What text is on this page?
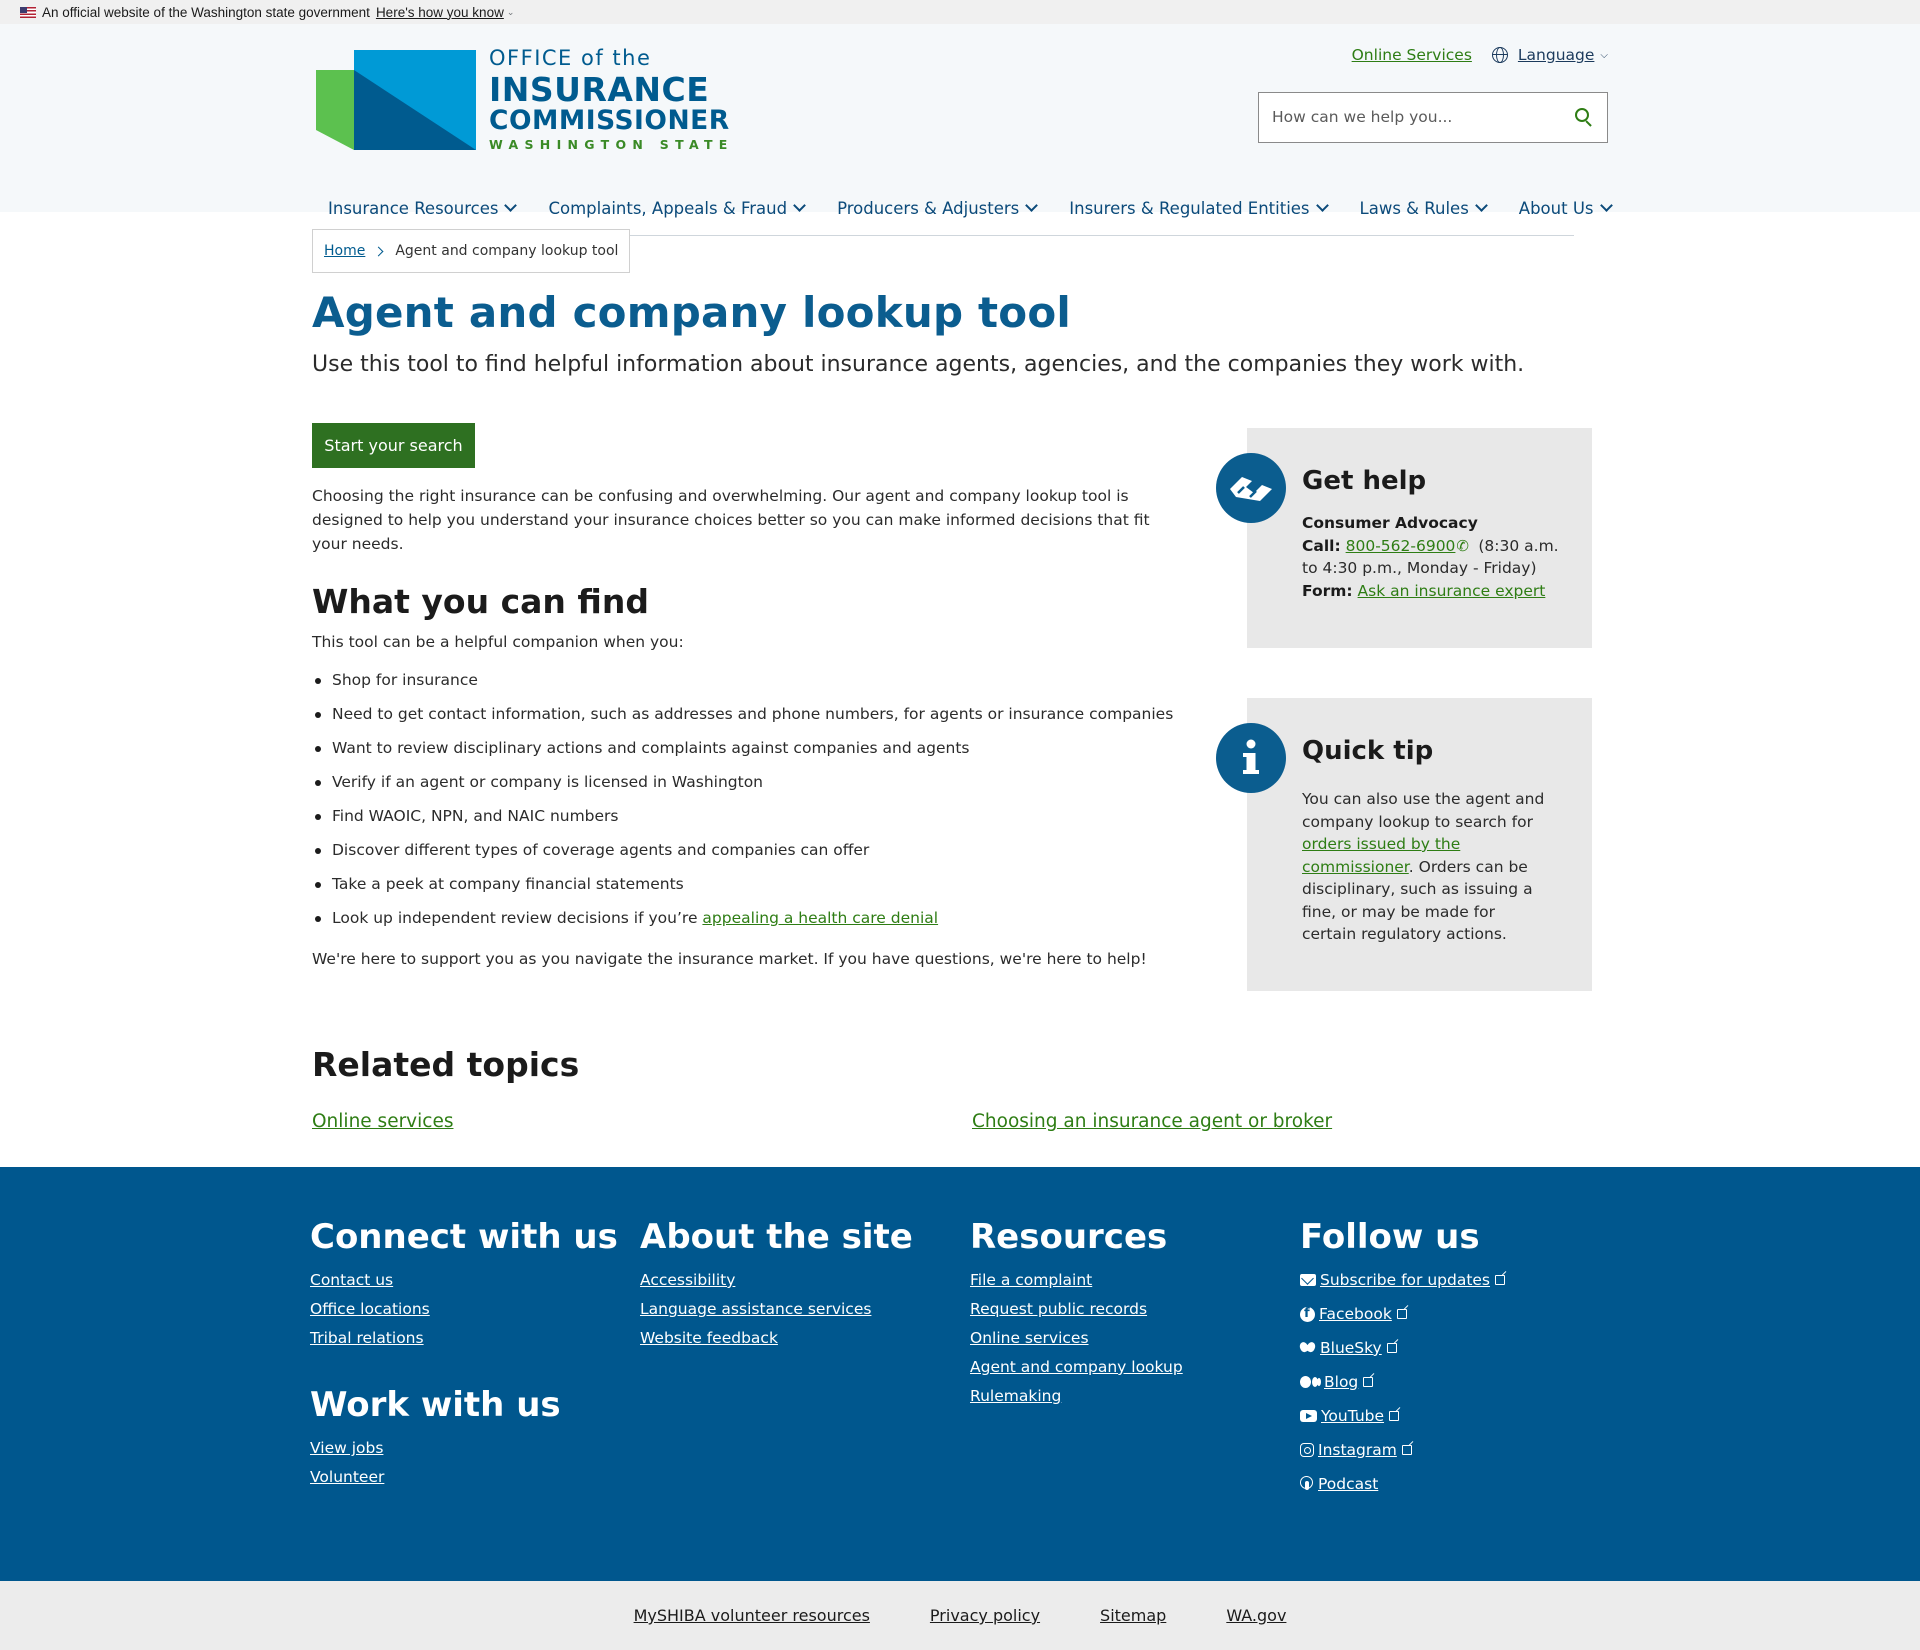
An official website of the Washington state government Here's how you know ⌄
OFFICE of the
INSURANCE
COMMISSIONER
WASHINGTON STATE
Online Services	Language ⌵
How can we help you...
Insurance Resources	Complaints, Appeals & Fraud	Producers & Adjusters	Insurers & Regulated Entities	Laws & Rules	About Us
Home Agent and company lookup tool
Agent and company lookup tool

Use this tool to find helpful information about insurance agents, agencies, and the companies they work with.

Start your search

Choosing the right insurance can be confusing and overwhelming. Our agent and company lookup tool is designed to help you understand your insurance choices better so you can make informed decisions that fit your needs.

What you can find

This tool can be a helpful companion when you:

Shop for insurance
Need to get contact information, such as addresses and phone numbers, for agents or insurance companies
Want to review disciplinary actions and complaints against companies and agents
Verify if an agent or company is licensed in Washington
Find WAOIC, NPN, and NAIC numbers
Discover different types of coverage agents and companies can offer
Take a peek at company financial statements
Look up independent review decisions if you’re appealing a health care denial

We're here to support you as you navigate the insurance market. If you have questions, we're here to help!

Get help
Consumer Advocacy
Call: 800-562-6900✆ (8:30 a.m. to 4:30 p.m., Monday - Friday)
Form: Ask an insurance expert
Quick tip
You can also use the agent and company lookup to search for orders issued by the commissioner. Orders can be disciplinary, such as issuing a fine, or may be made for certain regulatory actions.
Related topics
Online services	Choosing an insurance agent or broker
Connect with us
Contact us
Office locations
Tribal relations
Work with us
View jobs
Volunteer
About the site
Accessibility
Language assistance services
Website feedback
Resources
File a complaint
Request public records
Online services
Agent and company lookup
Rulemaking
Follow us
Subscribe for updates
f
Facebook
BlueSky
Blog
YouTube
Instagram
Podcast
MySHIBA volunteer resources	Privacy policy	Sitemap	WA.gov
